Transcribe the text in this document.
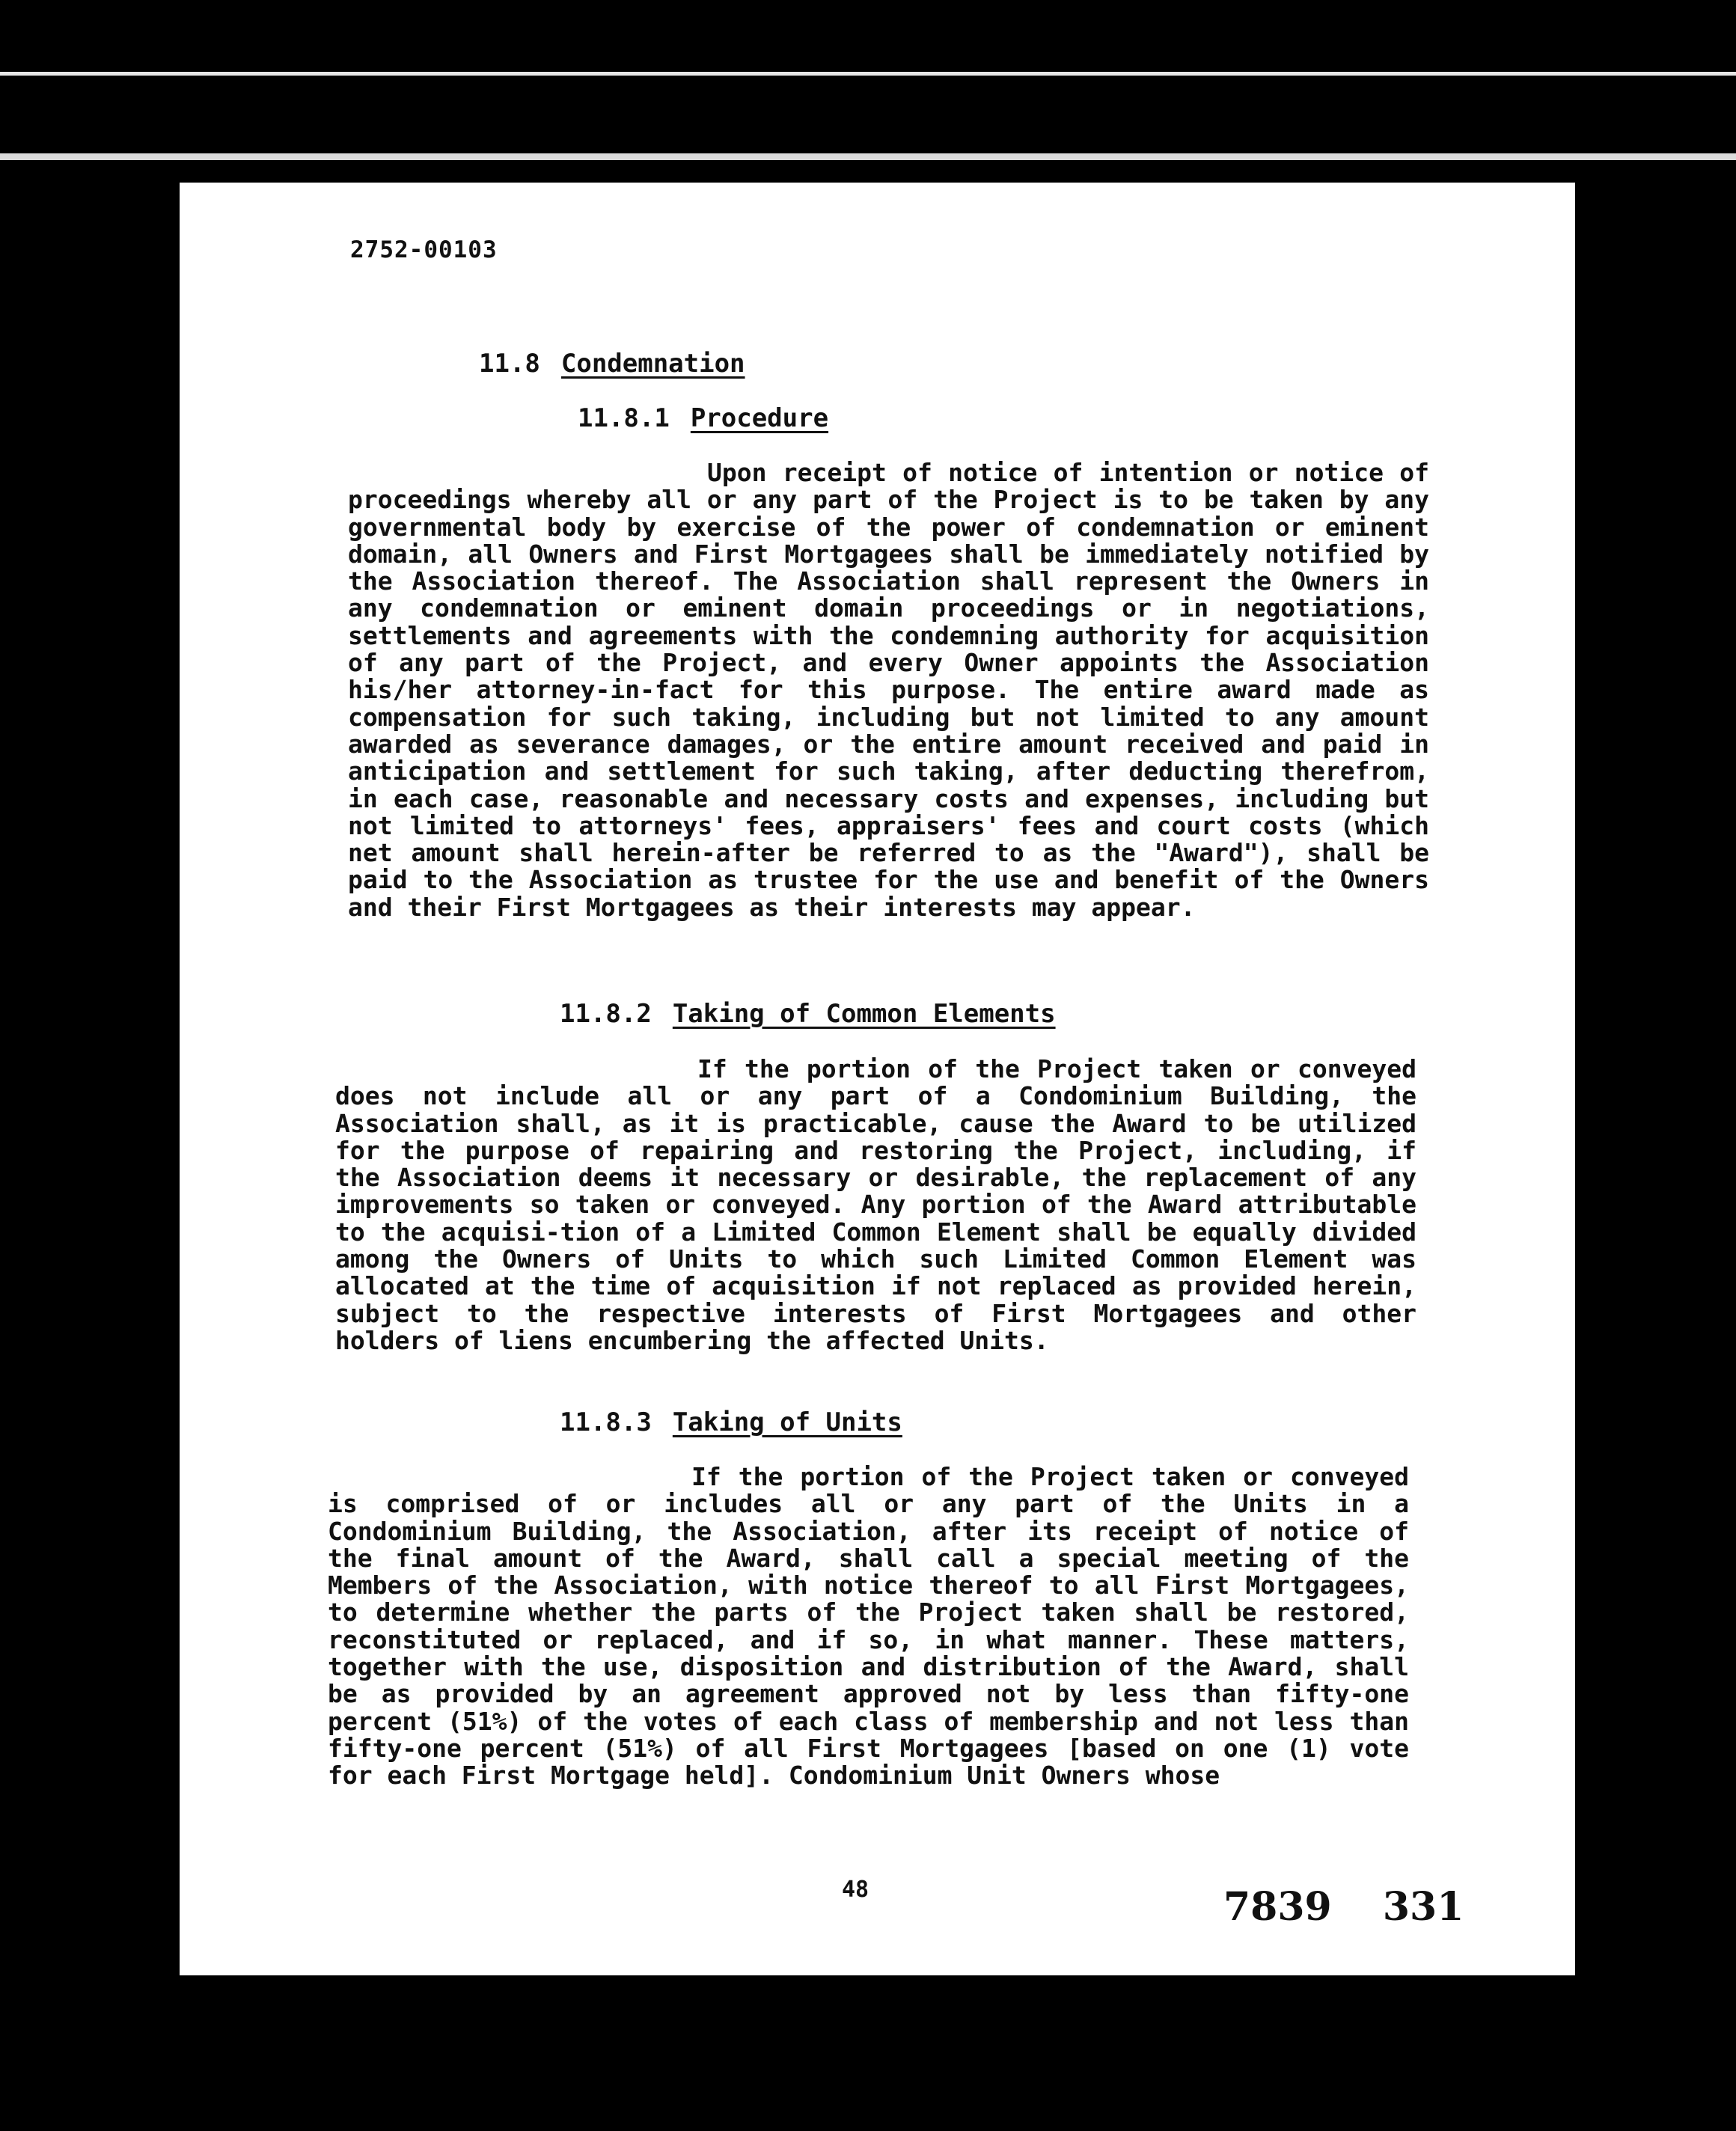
2752-00103
11.8 Condemnation
11.8.1 Procedure

Upon receipt of notice of intention or notice of proceedings whereby all or any part of the Project is to be taken by any governmental body by exercise of the power of condemnation or eminent domain, all Owners and First Mortgagees shall be immediately notified by the Association thereof. The Association shall represent the Owners in any condemnation or eminent domain proceedings or in negotiations, settlements and agreements with the condemning authority for acquisition of any part of the Project, and every Owner appoints the Association his/her attorney-in-fact for this purpose. The entire award made as compensation for such taking, including but not limited to any amount awarded as severance damages, or the entire amount received and paid in anticipation and settlement for such taking, after deducting therefrom, in each case, reasonable and necessary costs and expenses, including but not limited to attorneys' fees, appraisers' fees and court costs (which net amount shall herein-after be referred to as the "Award"), shall be paid to the Association as trustee for the use and benefit of the Owners and their First Mortgagees as their interests may appear.

11.8.2 Taking of Common Elements

If the portion of the Project taken or conveyed does not include all or any part of a Condominium Building, the Association shall, as it is practicable, cause the Award to be utilized for the purpose of repairing and restoring the Project, including, if the Association deems it necessary or desirable, the replacement of any improvements so taken or conveyed. Any portion of the Award attributable to the acquisi-tion of a Limited Common Element shall be equally divided among the Owners of Units to which such Limited Common Element was allocated at the time of acquisition if not replaced as provided herein, subject to the respective interests of First Mortgagees and other holders of liens encumbering the affected Units.

11.8.3 Taking of Units

If the portion of the Project taken or conveyed is comprised of or includes all or any part of the Units in a Condominium Building, the Association, after its receipt of notice of the final amount of the Award, shall call a special meeting of the Members of the Association, with notice thereof to all First Mortgagees, to determine whether the parts of the Project taken shall be restored, reconstituted or replaced, and if so, in what manner. These matters, together with the use, disposition and distribution of the Award, shall be as provided by an agreement approved not by less than fifty-one percent (51%) of the votes of each class of membership and not less than fifty-one percent (51%) of all First Mortgagees [based on one (1) vote for each First Mortgage held]. Condominium Unit Owners whose

48	7839 331	7832 840
